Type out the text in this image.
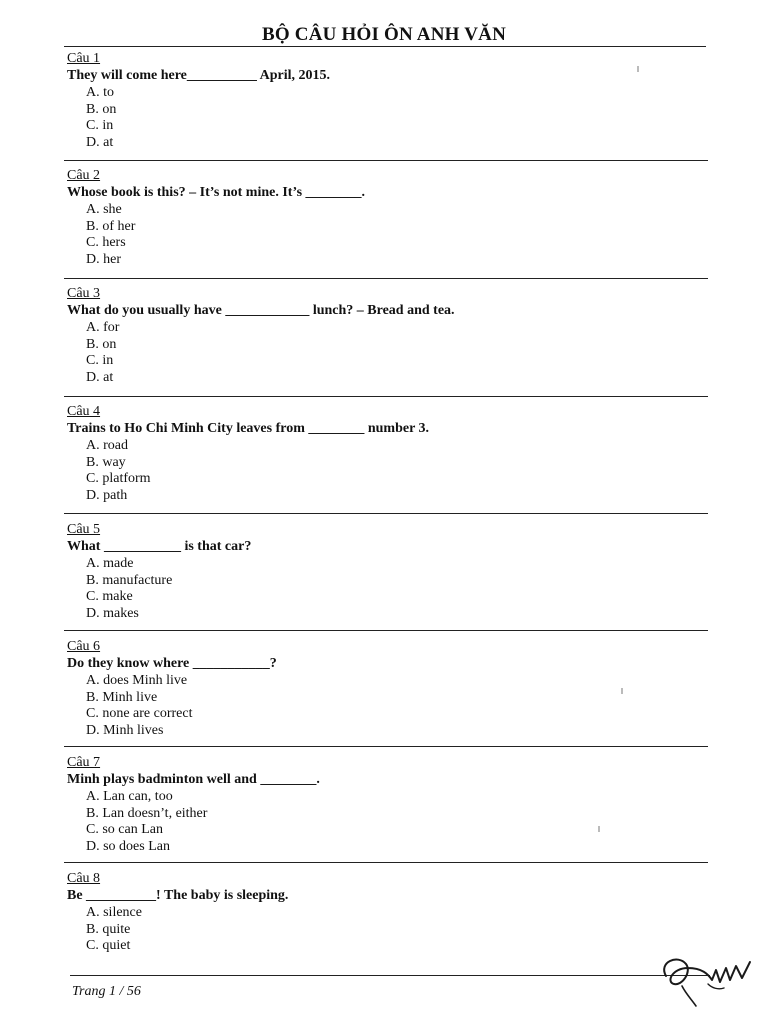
BỘ CÂU HỎI ÔN ANH VĂN
Câu 1
They will come here__________ April, 2015.
A. to
B. on
C. in
D. at
Câu 2
Whose book is this? – It’s not mine. It’s ________.
A. she
B. of her
C. hers
D. her
Câu 3
What do you usually have ____________ lunch? – Bread and tea.
A. for
B. on
C. in
D. at
Câu 4
Trains to Ho Chi Minh City leaves from ________ number 3.
A. road
B. way
C. platform
D. path
Câu 5
What ___________ is that car?
A. made
B. manufacture
C. make
D. makes
Câu 6
Do they know where ___________?
A. does Minh live
B. Minh live
C. none are correct
D. Minh lives
Câu 7
Minh plays badminton well and ________.
A. Lan can, too
B. Lan doesn’t, either
C. so can Lan
D. so does Lan
Câu 8
Be __________! The baby is sleeping.
A. silence
B. quite
C. quiet
Trang 1 / 56
